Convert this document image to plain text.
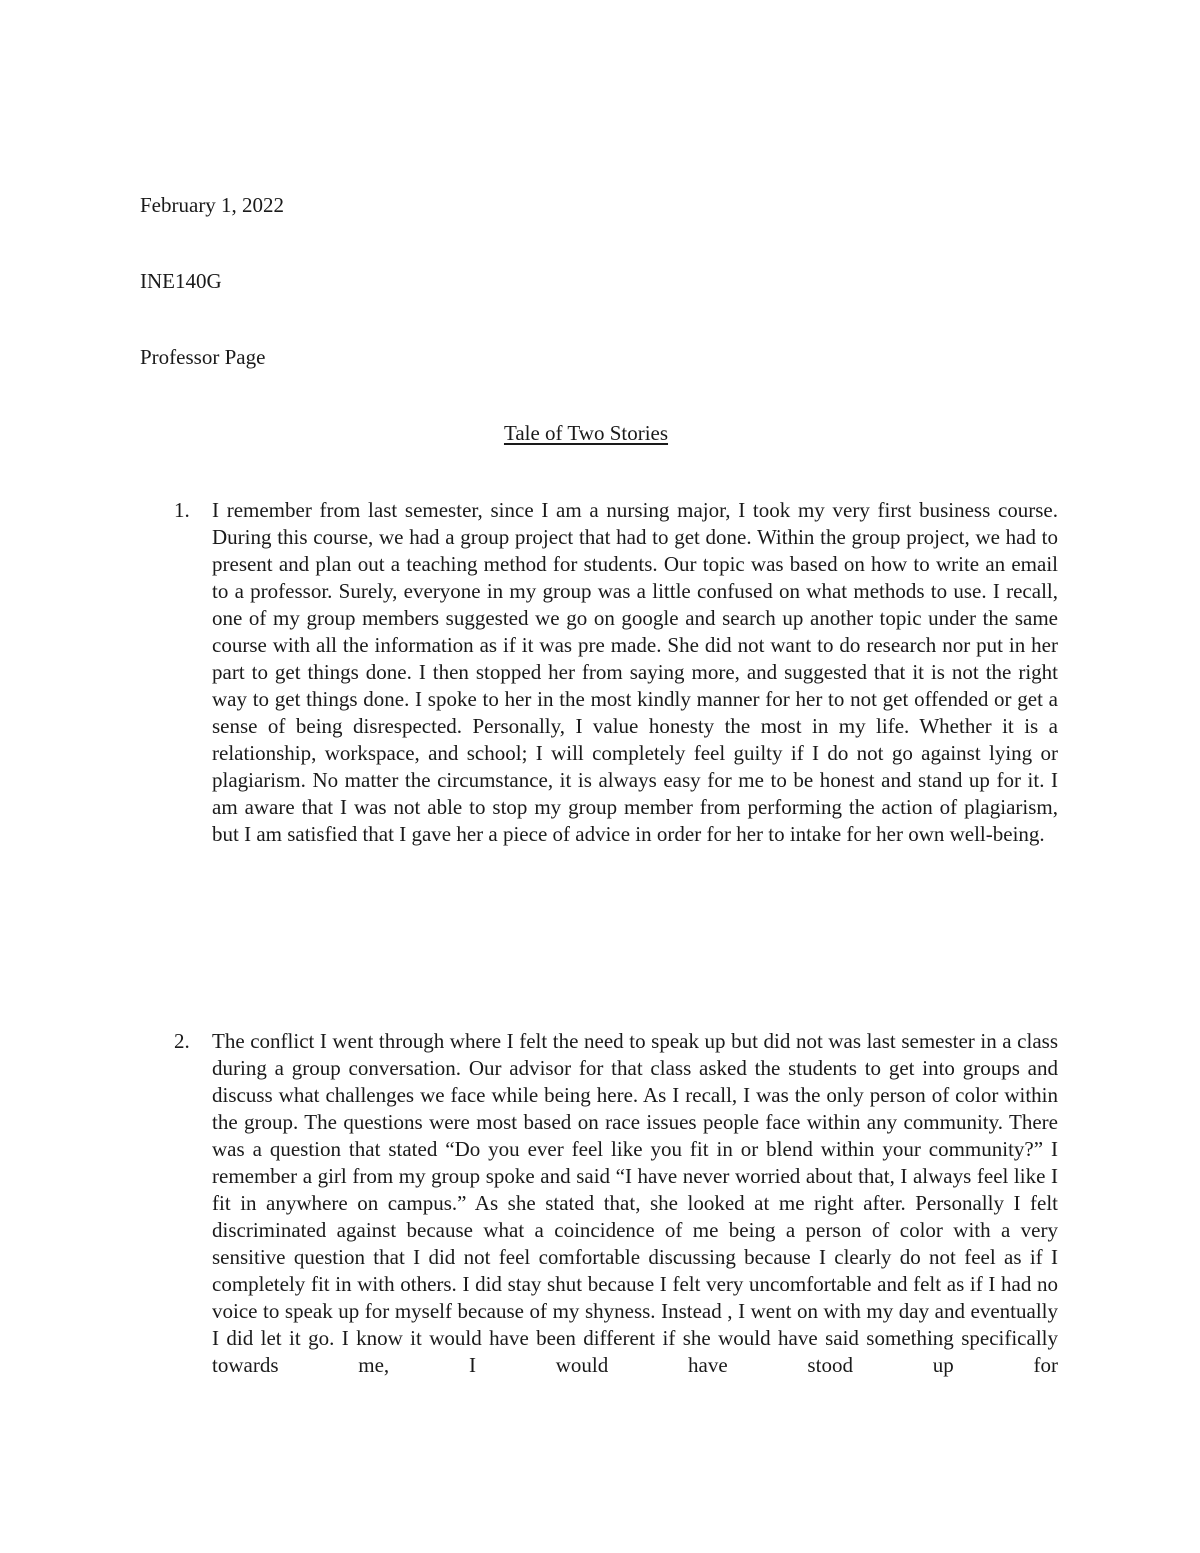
February 1, 2022
INE140G
Professor Page
Tale of Two Stories
1. I remember from last semester, since I am a nursing major, I took my very first business course. During this course, we had a group project that had to get done. Within the group project, we had to present and plan out a teaching method for students. Our topic was based on how to write an email to a professor. Surely, everyone in my group was a little confused on what methods to use. I recall, one of my group members suggested we go on google and search up another topic under the same course with all the information as if it was pre made. She did not want to do research nor put in her part to get things done. I then stopped her from saying more, and suggested that it is not the right way to get things done. I spoke to her in the most kindly manner for her to not get offended or get a sense of being disrespected. Personally, I value honesty the most in my life. Whether it is a relationship, workspace, and school; I will completely feel guilty if I do not go against lying or plagiarism. No matter the circumstance, it is always easy for me to be honest and stand up for it. I am aware that I was not able to stop my group member from performing the action of plagiarism, but I am satisfied that I gave her a piece of advice in order for her to intake for her own well-being.
2. The conflict I went through where I felt the need to speak up but did not was last semester in a class during a group conversation. Our advisor for that class asked the students to get into groups and discuss what challenges we face while being here. As I recall, I was the only person of color within the group. The questions were most based on race issues people face within any community. There was a question that stated “Do you ever feel like you fit in or blend within your community?” I remember a girl from my group spoke and said “I have never worried about that, I always feel like I fit in anywhere on campus.” As she stated that, she looked at me right after. Personally I felt discriminated against because what a coincidence of me being a person of color with a very sensitive question that I did not feel comfortable discussing because I clearly do not feel as if I completely fit in with others. I did stay shut because I felt very uncomfortable and felt as if I had no voice to speak up for myself because of my shyness. Instead , I went on with my day and eventually I did let it go. I know it would have been different if she would have said something specifically towards me, I would have stood up for
